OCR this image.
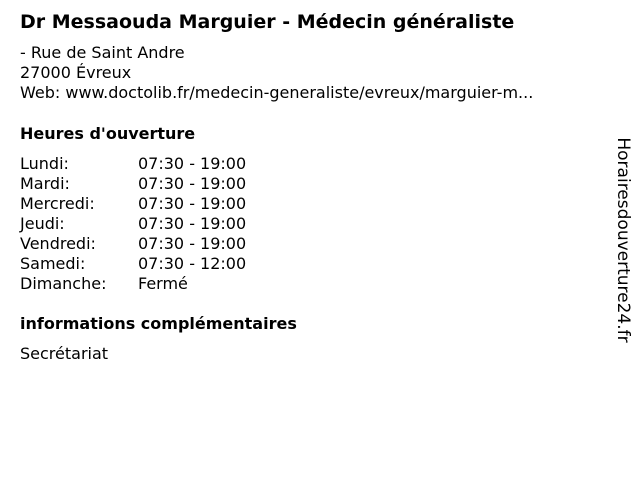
Dr Messaouda Marguier - Médecin généraliste
- Rue de Saint Andre
27000 Évreux
Web: www.doctolib.fr/medecin-generaliste/evreux/marguier-m...
Heures d'ouverture
Lundi:	07:30 - 19:00
Mardi:	07:30 - 19:00
Mercredi:	07:30 - 19:00
Jeudi:	07:30 - 19:00
Vendredi:	07:30 - 19:00
Samedi:	07:30 - 12:00
Dimanche:	Fermé
informations complémentaires
Secrétariat
Horairesdouverture24.fr
